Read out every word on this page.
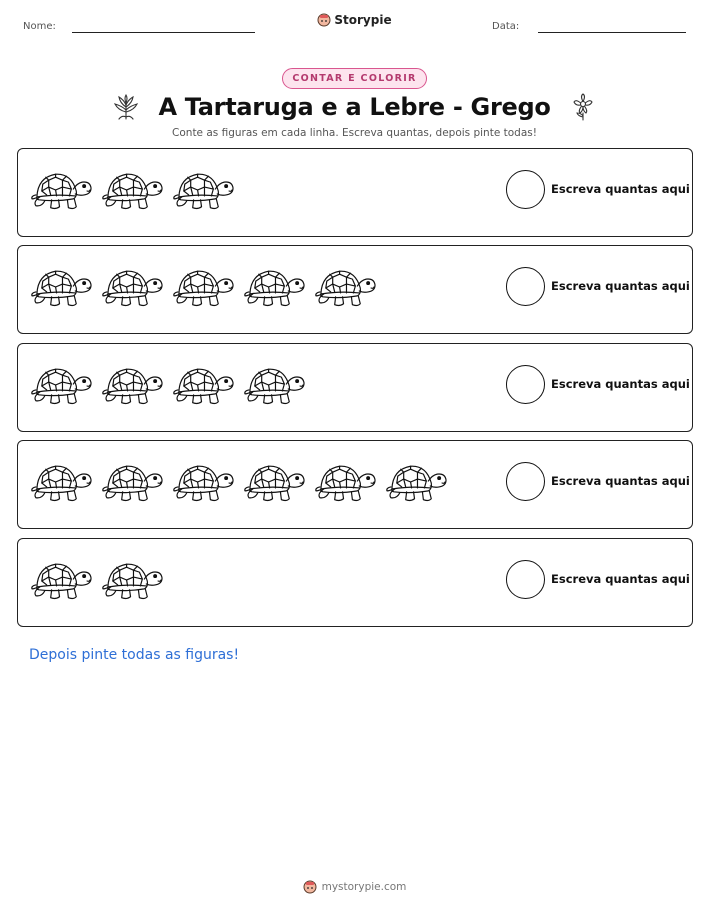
Nome:	Storypie	Data:
CONTAR E COLORIR
A Tartaruga e a Lebre - Grego

Conte as figuras em cada linha. Escreva quantas, depois pinte todas!

Escreva quantas aqui
Escreva quantas aqui
Escreva quantas aqui
Escreva quantas aqui
Escreva quantas aqui

Depois pinte todas as figuras!

mystorypie.com
